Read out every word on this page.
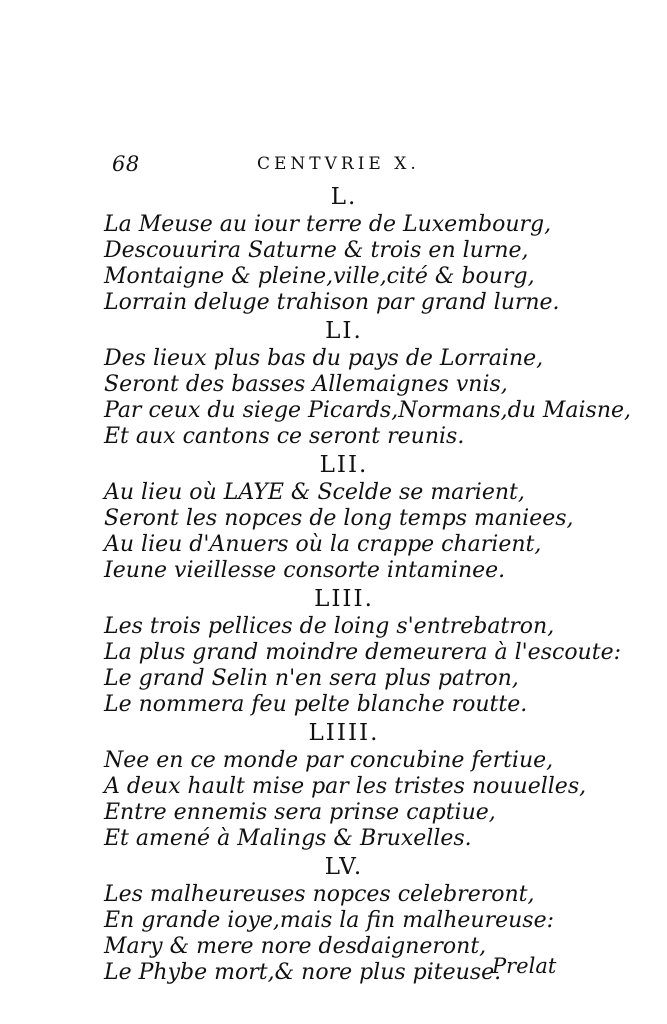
68	CENTVRIE X.
L.
La Meuse au iour terre de Luxembourg,
Descouurira Saturne & trois en lurne,
Montaigne & pleine,ville,cité & bourg,
Lorrain deluge trahison par grand lurne.
LI.
Des lieux plus bas du pays de Lorraine,
Seront des basses Allemaignes vnis,
Par ceux du siege Picards,Normans,du Maisne,
Et aux cantons ce seront reunis.
LII.
Au lieu où LAYE & Scelde se marient,
Seront les nopces de long temps maniees,
Au lieu d'Anuers où la crappe charient,
Ieune vieillesse consorte intaminee.
LIII.
Les trois pellices de loing s'entrebatron,
La plus grand moindre demeurera à l'escoute:
Le grand Selin n'en sera plus patron,
Le nommera feu pelte blanche routte.
LIIII.
Nee en ce monde par concubine fertiue,
A deux hault mise par les tristes nouuelles,
Entre ennemis sera prinse captiue,
Et amené à Malings & Bruxelles.
LV.
Les malheureuses nopces celebreront,
En grande ioye,mais la fin malheureuse:
Mary & mere nore desdaigneront,
Le Phybe mort,& nore plus piteuse.
Prelat
